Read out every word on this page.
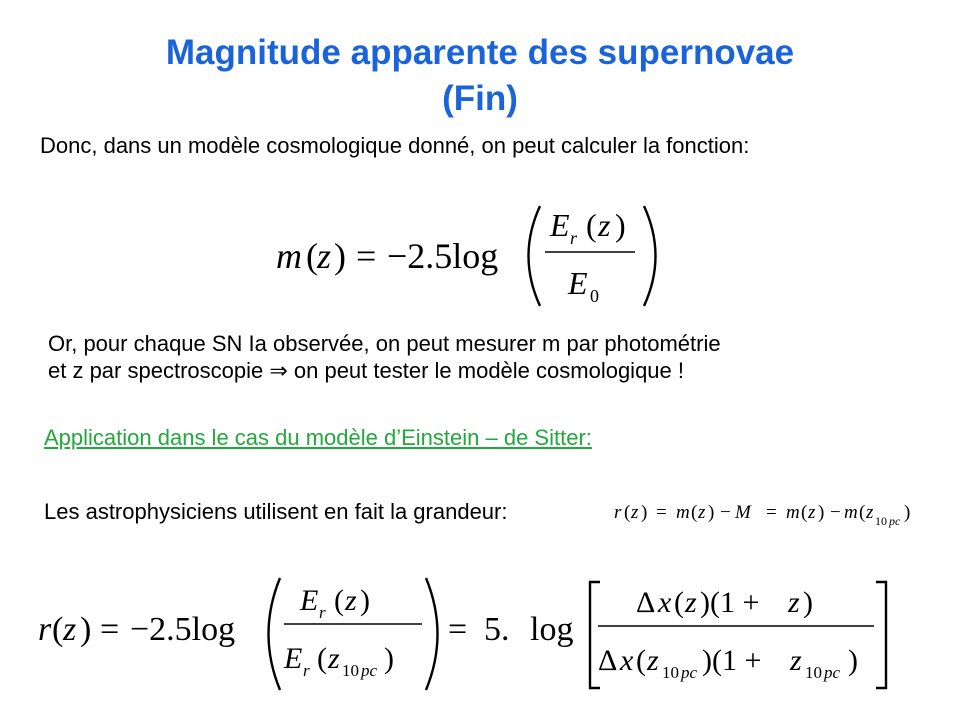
Magnitude apparente des supernovae
(Fin)
Donc, dans un modèle cosmologique donné, on peut calculer la fonction:
m ( z ) = −2.5log
E r ( z )
E 0
Or, pour chaque SN Ia observée, on peut mesurer m par photométrie
et z par spectroscopie ⇒ on peut tester le modèle cosmologique !
Application dans le cas du modèle d’Einstein – de Sitter:
Les astrophysiciens utilisent en fait la grandeur:	r ( z ) = m ( z ) − M = m ( z ) − m ( z 10 pc )
r ( z ) = −2.5log
E r ( z )
E r ( z 10 pc )
= 5. log
Δ x ( z )(1 + z )
Δ x ( z 10 pc )(1 + z 10 pc )
